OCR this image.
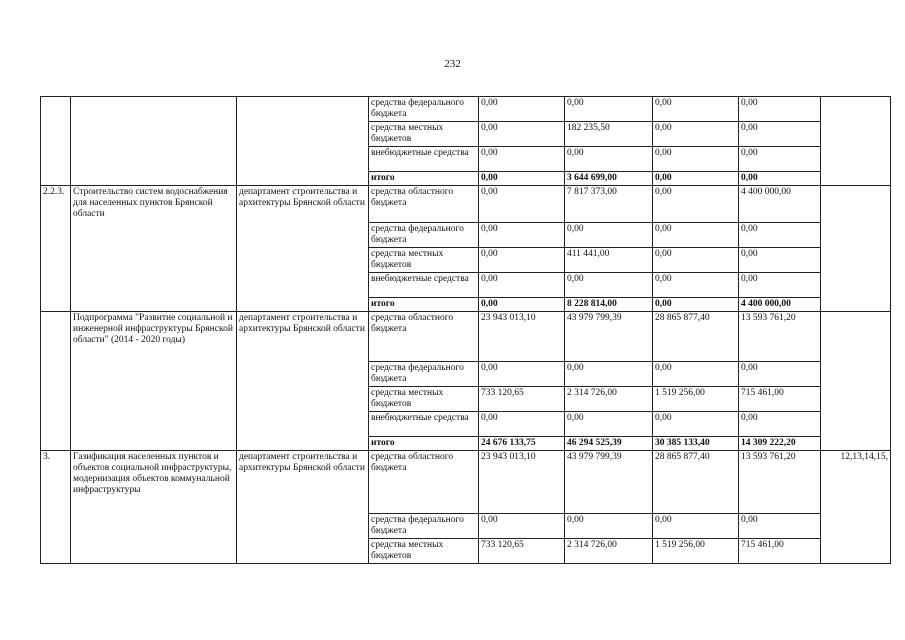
232
			средства федерального бюджета	0,00	0,00	0,00	0,00	
			средства местных бюджетов	0,00	182 235,50	0,00	0,00	
			внебюджетные средства	0,00	0,00	0,00	0,00	
			итого	0,00	3 644 699,00	0,00	0,00	
2.2.3.	Строительство систем водоснабжения для населенных пунктов Брянской области	департамент строительства и архитектуры Брянской области	средства областного бюджета	0,00	7 817 373,00	0,00	4 400 000,00	
			средства федерального бюджета	0,00	0,00	0,00	0,00	
			средства местных бюджетов	0,00	411 441,00	0,00	0,00	
			внебюджетные средства	0,00	0,00	0,00	0,00	
			итого	0,00	8 228 814,00	0,00	4 400 000,00	
	Подпрограмма "Развитие социальной и инженерной инфраструктуры Брянской области" (2014 - 2020 годы)	департамент строительства и архитектуры Брянской области	средства областного бюджета	23 943 013,10	43 979 799,39	28 865 877,40	13 593 761,20	
			средства федерального бюджета	0,00	0,00	0,00	0,00	
			средства местных бюджетов	733 120,65	2 314 726,00	1 519 256,00	715 461,00	
			внебюджетные средства	0,00	0,00	0,00	0,00	
			итого	24 676 133,75	46 294 525,39	30 385 133,40	14 309 222,20	
3.	Газификация населенных пунктов и объектов социальной инфраструктуры, модернизация объектов коммунальной инфраструктуры	департамент строительства и архитектуры Брянской области	средства областного бюджета	23 943 013,10	43 979 799,39	28 865 877,40	13 593 761,20	12,13,14,15,
			средства федерального бюджета	0,00	0,00	0,00	0,00	
			средства местных бюджетов	733 120,65	2 314 726,00	1 519 256,00	715 461,00	
